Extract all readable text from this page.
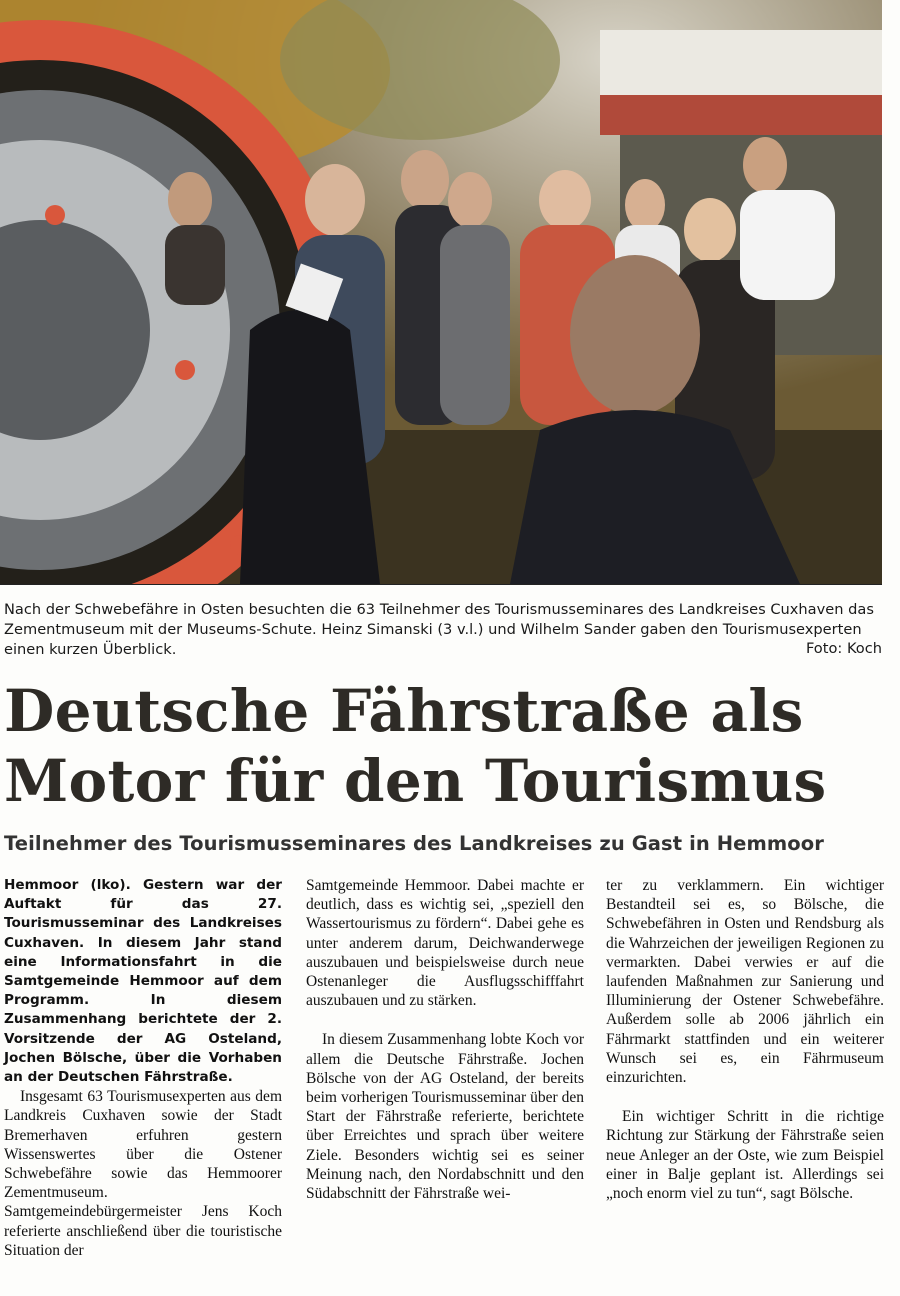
Nach der Schwebefähre in Osten besuchten die 63 Teilnehmer des Tourismusseminares des Landkreises Cuxhaven das Zementmuseum mit der Museums-Schute. Heinz Simanski (3 v.l.) und Wilhelm Sander gaben den Tourismusexperten einen kurzen Überblick.	Foto: Koch
Deutsche Fährstraße als
Motor für den Tourismus
Teilnehmer des Tourismusseminares des Landkreises zu Gast in Hemmoor

Hemmoor (lko). Gestern war der Auftakt für das 27. Tourismusseminar des Landkreises Cuxhaven. In diesem Jahr stand eine Informationsfahrt in die Samtgemeinde Hemmoor auf dem Programm. In diesem Zusammenhang berichtete der 2. Vorsitzende der AG Osteland, Jochen Bölsche, über die Vorhaben an der Deutschen Fährstraße.

Insgesamt 63 Tourismusexperten aus dem Landkreis Cuxhaven sowie der Stadt Bremerhaven erfuhren gestern Wissenswertes über die Ostener Schwebefähre sowie das Hemmoorer Zementmuseum. Samtgemeindebürgermeister Jens Koch referierte anschließend über die touristische Situation der

Samtgemeinde Hemmoor. Dabei machte er deutlich, dass es wichtig sei, „speziell den Wassertourismus zu fördern“. Dabei gehe es unter anderem darum, Deichwanderwege auszubauen und beispielsweise durch neue Ostenanleger die Ausflugsschifffahrt auszubauen und zu stärken.

In diesem Zusammenhang lobte Koch vor allem die Deutsche Fährstraße. Jochen Bölsche von der AG Osteland, der bereits beim vorherigen Tourismusseminar über den Start der Fährstraße referierte, berichtete über Erreichtes und sprach über weitere Ziele. Besonders wichtig sei es seiner Meinung nach, den Nordabschnitt und den Südabschnitt der Fährstraße wei-

ter zu verklammern. Ein wichtiger Bestandteil sei es, so Bölsche, die Schwebefähren in Osten und Rendsburg als die Wahrzeichen der jeweiligen Regionen zu vermarkten. Dabei verwies er auf die laufenden Maßnahmen zur Sanierung und Illuminierung der Ostener Schwebefähre. Außerdem solle ab 2006 jährlich ein Fährmarkt stattfinden und ein weiterer Wunsch sei es, ein Fährmuseum einzurichten.

Ein wichtiger Schritt in die richtige Richtung zur Stärkung der Fährstraße seien neue Anleger an der Oste, wie zum Beispiel einer in Balje geplant ist. Allerdings sei „noch enorm viel zu tun“, sagt Bölsche.
